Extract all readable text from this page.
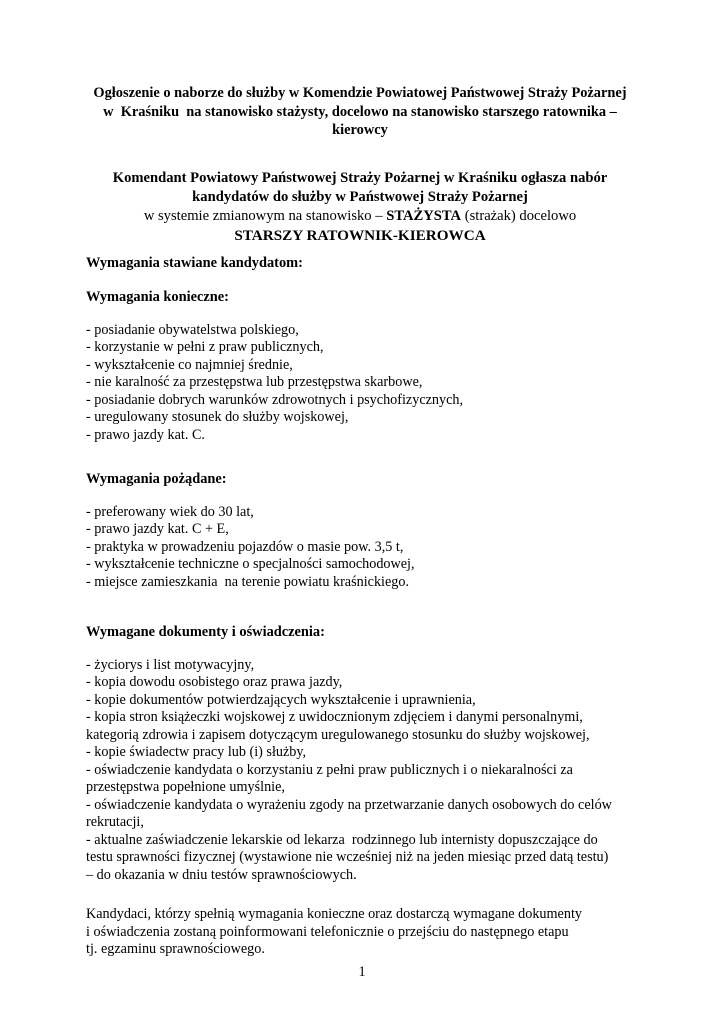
Ogłoszenie o naborze do służby w Komendzie Powiatowej Państwowej Straży Pożarnej
w  Kraśniku  na stanowisko stażysty, docelowo na stanowisko starszego ratownika –
kierowcy
Komendant Powiatowy Państwowej Straży Pożarnej w Kraśniku ogłasza nabór
kandydatów do służby w Państwowej Straży Pożarnej
w systemie zmianowym na stanowisko – STAŻYSTA (strażak) docelowo
STARSZY RATOWNIK-KIEROWCA
Wymagania stawiane kandydatom:
Wymagania konieczne:
- posiadanie obywatelstwa polskiego,
- korzystanie w pełni z praw publicznych,
- wykształcenie co najmniej średnie,
- nie karalność za przestępstwa lub przestępstwa skarbowe,
- posiadanie dobrych warunków zdrowotnych i psychofizycznych,
- uregulowany stosunek do służby wojskowej,
- prawo jazdy kat. C.
Wymagania pożądane:
- preferowany wiek do 30 lat,
- prawo jazdy kat. C + E,
- praktyka w prowadzeniu pojazdów o masie pow. 3,5 t,
- wykształcenie techniczne o specjalności samochodowej,
- miejsce zamieszkania  na terenie powiatu kraśnickiego.
Wymagane dokumenty i oświadczenia:
- życiorys i list motywacyjny,
- kopia dowodu osobistego oraz prawa jazdy,
- kopie dokumentów potwierdzających wykształcenie i uprawnienia,
- kopia stron książeczki wojskowej z uwidocznionym zdjęciem i danymi personalnymi,
kategorią zdrowia i zapisem dotyczącym uregulowanego stosunku do służby wojskowej,
- kopie świadectw pracy lub (i) służby,
- oświadczenie kandydata o korzystaniu z pełni praw publicznych i o niekaralności za
przestępstwa popełnione umyślnie,
- oświadczenie kandydata o wyrażeniu zgody na przetwarzanie danych osobowych do celów
rekrutacji,
- aktualne zaświadczenie lekarskie od lekarza  rodzinnego lub internisty dopuszczające do
testu sprawności fizycznej (wystawione nie wcześniej niż na jeden miesiąc przed datą testu)
– do okazania w dniu testów sprawnościowych.
Kandydaci, którzy spełnią wymagania konieczne oraz dostarczą wymagane dokumenty
i oświadczenia zostaną poinformowani telefonicznie o przejściu do następnego etapu
tj. egzaminu sprawnościowego.
1
